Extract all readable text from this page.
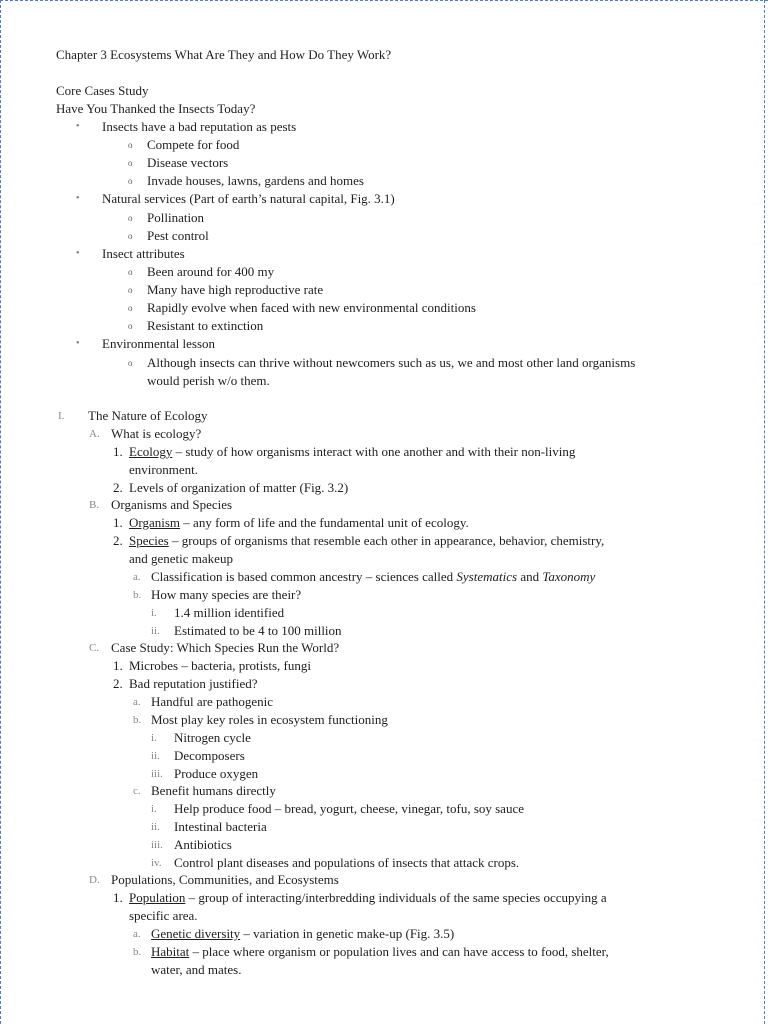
Chapter 3 Ecosystems What Are They and How Do They Work?
Core Cases Study
Have You Thanked the Insects Today?
• Insects have a bad reputation as pests
o Compete for food
o Disease vectors
o Invade houses, lawns, gardens and homes
• Natural services (Part of earth’s natural capital, Fig. 3.1)
o Pollination
o Pest control
• Insect attributes
o Been around for 400 my
o Many have high reproductive rate
o Rapidly evolve when faced with new environmental conditions
o Resistant to extinction
• Environmental lesson
o Although insects can thrive without newcomers such as us, we and most other land organisms
would perish w/o them.
I. The Nature of Ecology
A. What is ecology?
1. Ecology – study of how organisms interact with one another and with their non-living
environment.
2. Levels of organization of matter (Fig. 3.2)
B. Organisms and Species
1. Organism – any form of life and the fundamental unit of ecology.
2. Species – groups of organisms that resemble each other in appearance, behavior, chemistry,
and genetic makeup
a. Classification is based common ancestry – sciences called Systematics and Taxonomy
b. How many species are their?
i. 1.4 million identified
ii. Estimated to be 4 to 100 million
C. Case Study: Which Species Run the World?
1. Microbes – bacteria, protists, fungi
2. Bad reputation justified?
a. Handful are pathogenic
b. Most play key roles in ecosystem functioning
i. Nitrogen cycle
ii. Decomposers
iii. Produce oxygen
c. Benefit humans directly
i. Help produce food – bread, yogurt, cheese, vinegar, tofu, soy sauce
ii. Intestinal bacteria
iii. Antibiotics
iv. Control plant diseases and populations of insects that attack crops.
D. Populations, Communities, and Ecosystems
1. Population – group of interacting/interbredding individuals of the same species occupying a
specific area.
a. Genetic diversity – variation in genetic make-up (Fig. 3.5)
b. Habitat – place where organism or population lives and can have access to food, shelter,
water, and mates.
